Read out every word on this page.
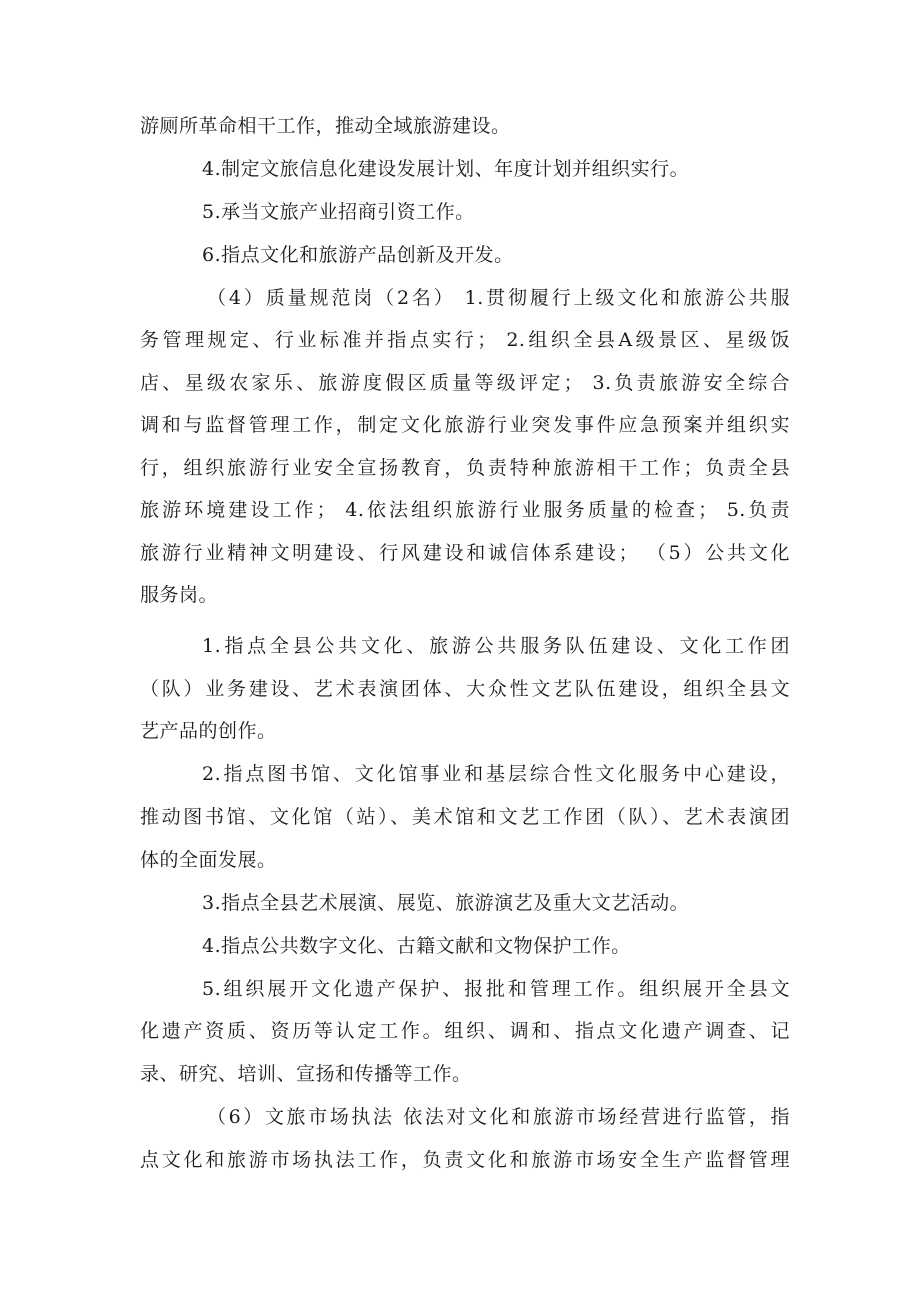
游厕所革命相干工作，推动全域旅游建设。
4.制定文旅信息化建设发展计划、年度计划并组织实行。
5.承当文旅产业招商引资工作。
6.指点文化和旅游产品创新及开发。
（4）质量规范岗（2名） 1.贯彻履行上级文化和旅游公共服
务管理规定、行业标准并指点实行； 2.组织全县A级景区、星级饭
店、星级农家乐、旅游度假区质量等级评定； 3.负责旅游安全综合
调和与监督管理工作，制定文化旅游行业突发事件应急预案并组织实
行，组织旅游行业安全宣扬教育，负责特种旅游相干工作；负责全县
旅游环境建设工作； 4.依法组织旅游行业服务质量的检查； 5.负责
旅游行业精神文明建设、行风建设和诚信体系建设； （5）公共文化
服务岗。
1.指点全县公共文化、旅游公共服务队伍建设、文化工作团
（队）业务建设、艺术表演团体、大众性文艺队伍建设，组织全县文
艺产品的创作。
2.指点图书馆、文化馆事业和基层综合性文化服务中心建设，
推动图书馆、文化馆（站）、美术馆和文艺工作团（队）、艺术表演团
体的全面发展。
3.指点全县艺术展演、展览、旅游演艺及重大文艺活动。
4.指点公共数字文化、古籍文献和文物保护工作。
5.组织展开文化遗产保护、报批和管理工作。组织展开全县文
化遗产资质、资历等认定工作。组织、调和、指点文化遗产调查、记
录、研究、培训、宣扬和传播等工作。
（6）文旅市场执法 依法对文化和旅游市场经营进行监管，指
点文化和旅游市场执法工作，负责文化和旅游市场安全生产监督管理
